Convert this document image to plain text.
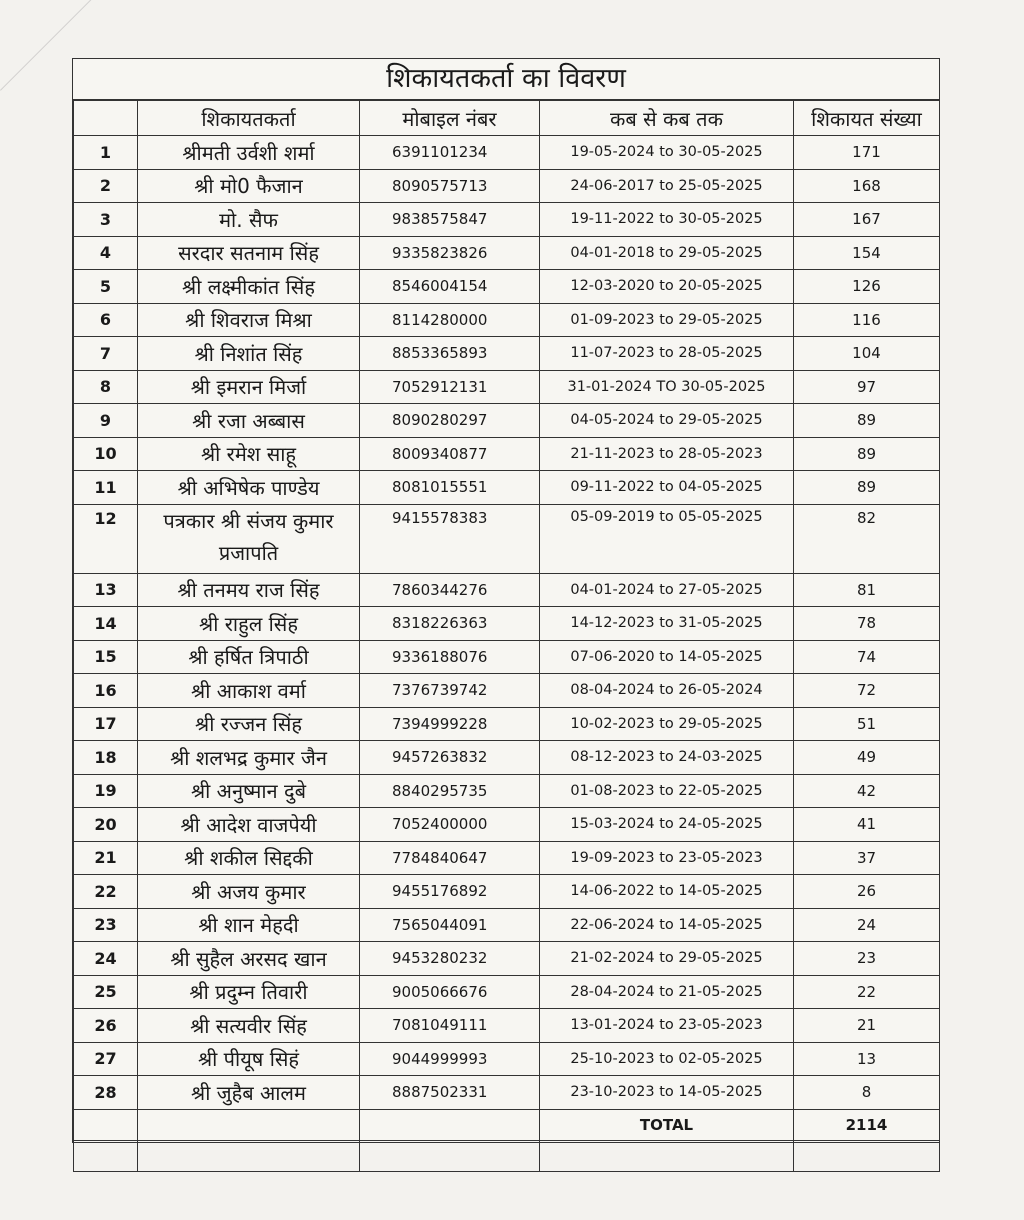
शिकायतकर्ता का विवरण
	शिकायतकर्ता	मोबाइल नंबर	कब से कब तक	शिकायत संख्या
1	श्रीमती उर्वशी शर्मा	6391101234	19-05-2024 to 30-05-2025	171
2	श्री मो0 फैजान	8090575713	24-06-2017 to 25-05-2025	168
3	मो. सैफ	9838575847	19-11-2022 to 30-05-2025	167
4	सरदार सतनाम सिंह	9335823826	04-01-2018 to 29-05-2025	154
5	श्री लक्ष्मीकांत सिंह	8546004154	12-03-2020 to 20-05-2025	126
6	श्री शिवराज मिश्रा	8114280000	01-09-2023 to 29-05-2025	116
7	श्री निशांत सिंह	8853365893	11-07-2023 to 28-05-2025	104
8	श्री इमरान मिर्जा	7052912131	31-01-2024 TO 30-05-2025	97
9	श्री रजा अब्बास	8090280297	04-05-2024 to 29-05-2025	89
10	श्री रमेश साहू	8009340877	21-11-2023 to 28-05-2023	89
11	श्री अभिषेक पाण्डेय	8081015551	09-11-2022 to 04-05-2025	89
12	पत्रकार श्री संजय कुमार प्रजापति	9415578383	05-09-2019 to 05-05-2025	82
13	श्री तनमय राज सिंह	7860344276	04-01-2024 to 27-05-2025	81
14	श्री राहुल सिंह	8318226363	14-12-2023 to 31-05-2025	78
15	श्री हर्षित त्रिपाठी	9336188076	07-06-2020 to 14-05-2025	74
16	श्री आकाश वर्मा	7376739742	08-04-2024 to 26-05-2024	72
17	श्री रज्जन सिंह	7394999228	10-02-2023 to 29-05-2025	51
18	श्री शलभद्र कुमार जैन	9457263832	08-12-2023 to 24-03-2025	49
19	श्री अनुष्मान दुबे	8840295735	01-08-2023 to 22-05-2025	42
20	श्री आदेश वाजपेयी	7052400000	15-03-2024 to 24-05-2025	41
21	श्री शकील सिद्दकी	7784840647	19-09-2023 to 23-05-2023	37
22	श्री अजय कुमार	9455176892	14-06-2022 to 14-05-2025	26
23	श्री शान मेहदी	7565044091	22-06-2024 to 14-05-2025	24
24	श्री सुहैल अरसद खान	9453280232	21-02-2024 to 29-05-2025	23
25	श्री प्रदुम्न तिवारी	9005066676	28-04-2024 to 21-05-2025	22
26	श्री सत्यवीर सिंह	7081049111	13-01-2024 to 23-05-2023	21
27	श्री पीयूष सिहं	9044999993	25-10-2023 to 02-05-2025	13
28	श्री जुहैब आलम	8887502331	23-10-2023 to 14-05-2025	8
			TOTAL	2114
